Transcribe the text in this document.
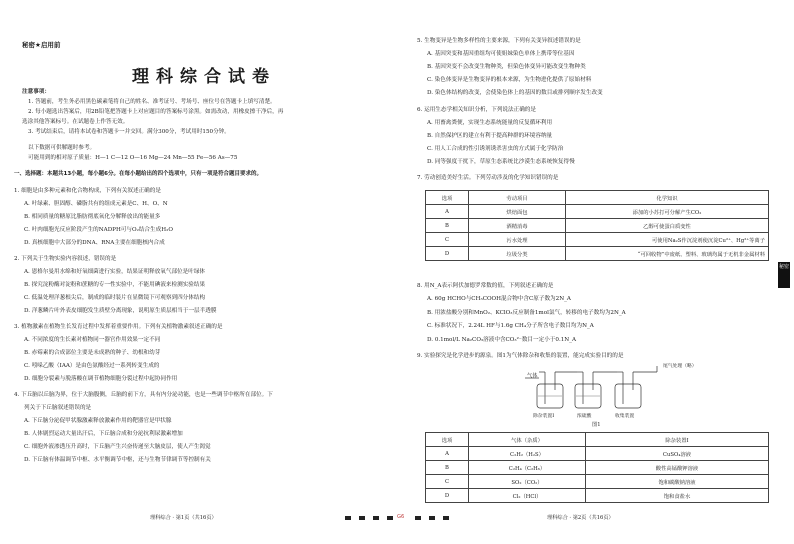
秘密★启用前
理科综合试卷
注意事项：
1. 答题前，考生务必用黑色碳素笔将自己的姓名、准考证号、考场号、座位号在答题卡上填写清楚。
2. 每小题选出答案后，用2B铅笔把答题卡上对应题目的答案标号涂黑。如需改动，用橡皮擦干净后，再
选涂其他答案标号。在试题卷上作答无效。
3. 考试结束后，请将本试卷和答题卡一并交回。满分300分，考试用时150分钟。
以下数据可供解题时参考。
可能用到的相对原子质量：H—1 C—12 O—16 Mg—24 Mn—55 Fe—56 As—75
一、选择题：本题共13小题，每小题6分。在每小题给出的四个选项中，只有一项是符合题目要求的。
1. 细胞是由多种元素和化合物构成，下列有关叙述正确的是
A. 叶绿素、胆固醇、磷脂共有的组成元素是C、H、O、N
B. 相同质量的糖原比脂肪彻底氧化分解释放出的能量多
C. 叶肉细胞光反应阶段产生的NADPH可与O₂结合生成H₂O
D. 真核细胞中大部分的DNA、RNA主要在细胞核内合成
2. 下列关于生物实验内容叙述，错误的是
A. 恩格尔曼用水绵和好氧细菌进行实验，结果证明释放氧气部位是叶绿体
B. 探究淀粉酶对淀粉和蔗糖的专一性实验中，不能用碘液来检测实验结果
C. 低温处理洋葱根尖后，制成的临时装片在显微镜下可观察到四分体结构
D. 洋葱鳞片叶外表皮细胞发生质壁分离现象，说明原生质层相当于一层半透膜
3. 植物激素在植物生长发育过程中发挥着重要作用。下列有关植物激素叙述正确的是
A. 不同浓度的生长素对植物同一器官作用效果一定不同
B. 赤霉素的合成部位主要是未成熟的种子、幼根和幼芽
C. 吲哚乙酸（IAA）是由色氨酸经过一系列转变生成的
D. 细胞分裂素与脱落酸在调节植物细胞分裂过程中起协同作用
4. 下丘脑以丘脑为界，位于大脑腹侧，丘脑的前下方，具有内分泌功能，也是一些调节中枢所在部位。下
列关于下丘脑叙述错误的是
A. 下丘脑分泌促甲状腺激素释放激素作用的靶器官是甲状腺
B. 人体剧烈运动大量出汗后，下丘脑合成和分泌抗利尿激素增加
C. 细胞外液渗透压升高时，下丘脑产生兴奋传递至大脑皮层，使人产生渴觉
D. 下丘脑有体温调节中枢、水平衡调节中枢，还与生物节律调节等控制有关
理科综合 · 第1页（共16页）
5. 生物变异是生物多样性的主要来源，下列有关变异叙述错误的是
A. 基因突变和基因重组均可使姐妹染色单体上携带等位基因
B. 基因突变不会改变生物种类，但染色体变异可能改变生物种类
C. 染色体变异是生物变异的根本来源，为生物进化提供了原始材料
D. 染色体结构的改变，会使染色体上的基因的数目或排列顺序发生改变
6. 运用生态学相关知识分析，下列说法正确的是
A. 用畜禽粪便，实现生态系统能量的反复循环利用
B. 自然保护区的建立有利于提高种群的环境容纳量
C. 用人工合成的性引诱剂诱杀害虫的方式属于化学防治
D. 同等强度干扰下，草原生态系统比沙漠生态系统恢复得慢
7. 劳动创造美好生活。下列劳动涉及的化学知识错误的是
选项	劳动项目	化学知识
A	烘焙面包	添加的小苏打可分解产生CO₂
B	酒精消毒	乙醇可使蛋白质变性
C	污水处理	可使用Na₂S作沉淀剂使沉淀Cu²⁺、Hg²⁺等离子
D	垃圾分类	“可回收物”中废纸、塑料、玻璃均属于无机非金属材料
8. 用N_A表示阿伏加德罗常数的值，下列叙述正确的是
A. 60g HCHO与CH₃COOH混合物中含C原子数为2N_A
B. 用浓盐酸分别和MnO₂、KClO₃反应制备1mol氯气，转移的电子数均为2N_A
C. 标准状况下，2.24L HF与1.6g CH₄分子所含电子数目均为N_A
D. 0.1mol/L Na₂CO₃溶液中含CO₃²⁻数目一定小于0.1N_A
9. 实验探究是化学进步的源泉。图1为气体除杂和收集的装置，能完成实验目的的是
气体
尾气处理（略）
除杂装置Ⅰ	浓硫酸	收集装置
图1
选项	气体（杂质）	除杂装置Ⅰ
A	C₂H₂（H₂S）	CuSO₄溶液
B	C₂H₄（C₂H₆）	酸性高锰酸钾溶液
C	SO₂（CO₂）	饱和碳酸钠溶液
D	Cl₂（HCl）	饱和食盐水
理科综合 · 第2页（共16页）
G6
秘密
